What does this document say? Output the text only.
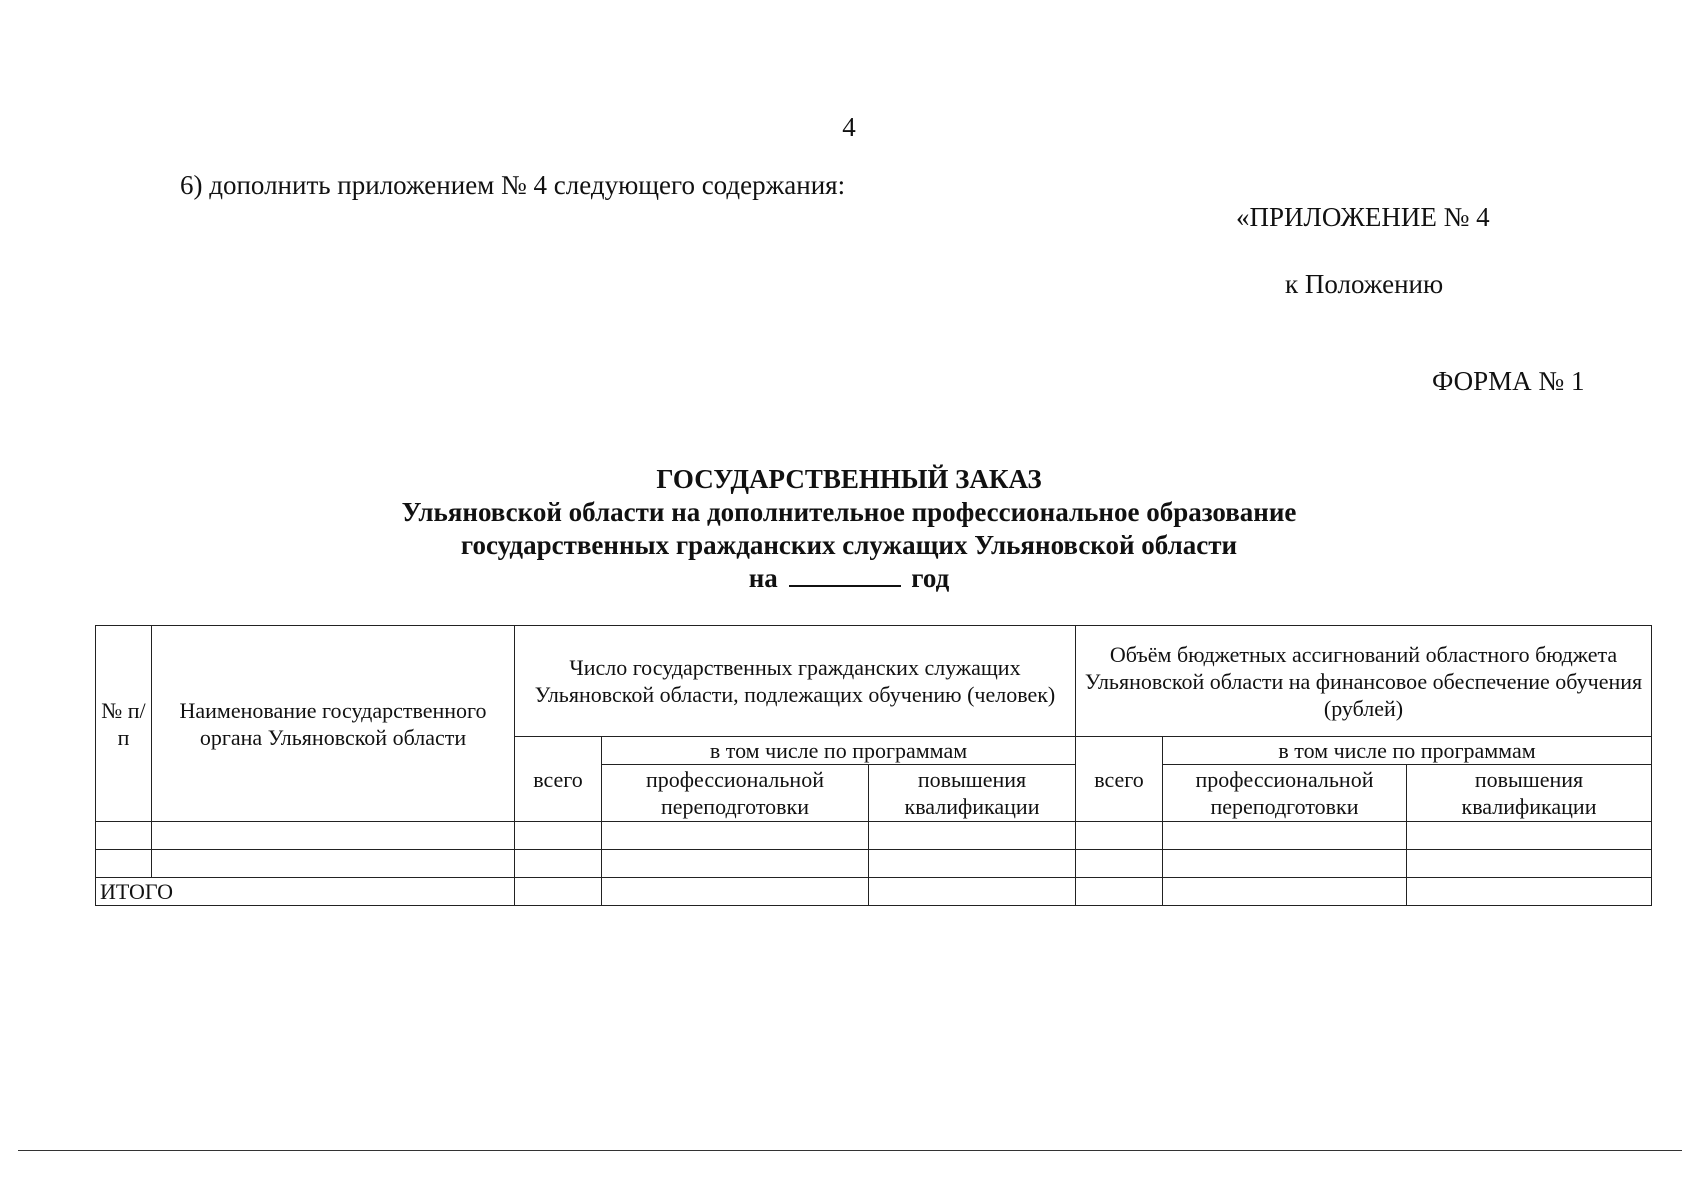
4
6) дополнить приложением № 4 следующего содержания:
«ПРИЛОЖЕНИЕ № 4
к Положению
ФОРМА № 1
ГОСУДАРСТВЕННЫЙ ЗАКАЗ
Ульяновской области на дополнительное профессиональное образование
государственных гражданских служащих Ульяновской области
на	год
№ п/п	Наименование государственного органа Ульяновской области	Число государственных гражданских служащих Ульяновской области, подлежащих обучению (человек)			Объём бюджетных ассигнований областного бюджета Ульяновской области на финансовое обеспечение обучения (рублей)		
		всего	в том числе по программам		всего	в том числе по программам	
			профессиональной переподготовки	повышения квалификации		профессиональной переподготовки	повышения квалификации

ИТОГО							
